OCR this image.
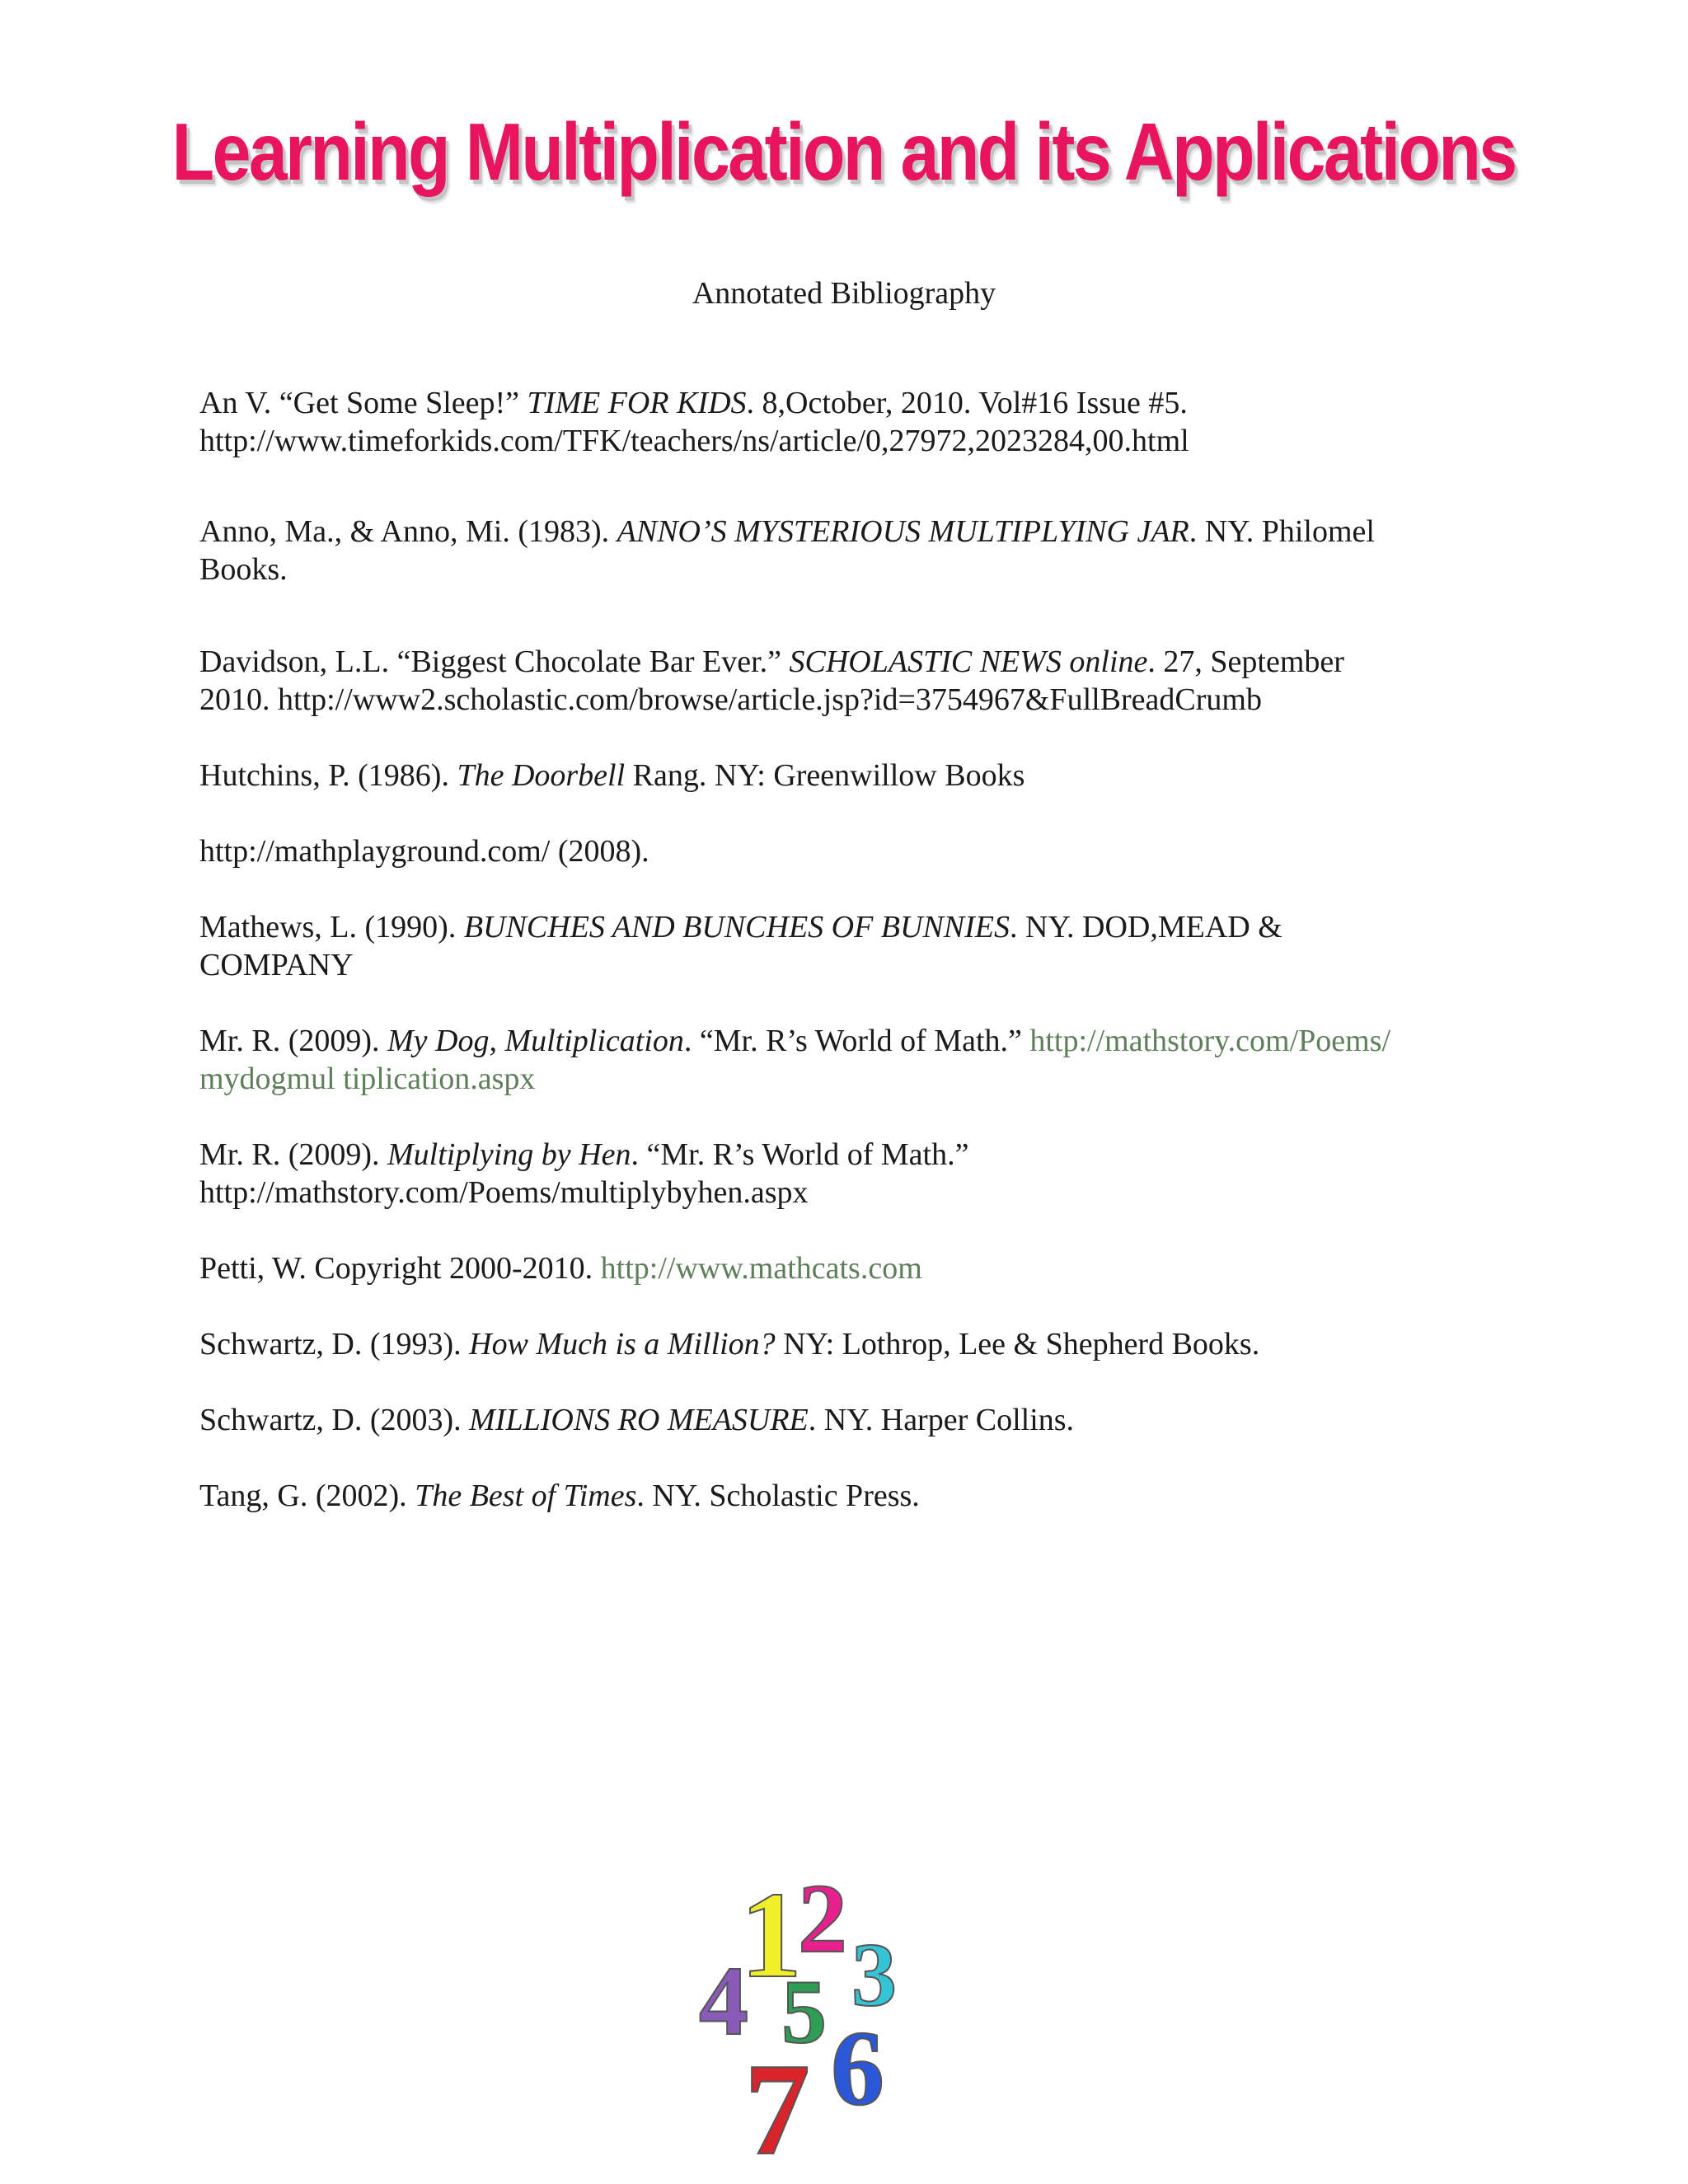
Learning Multiplication and its Applications
Annotated Bibliography
An V. “Get Some Sleep!” TIME FOR KIDS. 8,October, 2010. Vol#16 Issue #5.
http://www.timeforkids.com/TFK/teachers/ns/article/0,27972,2023284,00.html
Anno, Ma., & Anno, Mi. (1983). ANNO’S MYSTERIOUS MULTIPLYING JAR. NY. Philomel
Books.
Davidson, L.L. “Biggest Chocolate Bar Ever.” SCHOLASTIC NEWS online. 27, September
2010. http://www2.scholastic.com/browse/article.jsp?id=3754967&FullBreadCrumb
Hutchins, P. (1986). The Doorbell Rang. NY: Greenwillow Books
http://mathplayground.com/ (2008).
Mathews, L. (1990). BUNCHES AND BUNCHES OF BUNNIES. NY. DOD,MEAD &
COMPANY
Mr. R. (2009). My Dog, Multiplication. “Mr. R’s World of Math.” http://mathstory.com/Poems/
mydogmul tiplication.aspx
Mr. R. (2009). Multiplying by Hen. “Mr. R’s World of Math.”
http://mathstory.com/Poems/multiplybyhen.aspx
Petti, W. Copyright 2000-2010. http://www.mathcats.com
Schwartz, D. (1993). How Much is a Million? NY: Lothrop, Lee & Shepherd Books.
Schwartz, D. (2003). MILLIONS RO MEASURE. NY. Harper Collins.
Tang, G. (2002). The Best of Times. NY. Scholastic Press.
1
2
3
4 5 6
7
